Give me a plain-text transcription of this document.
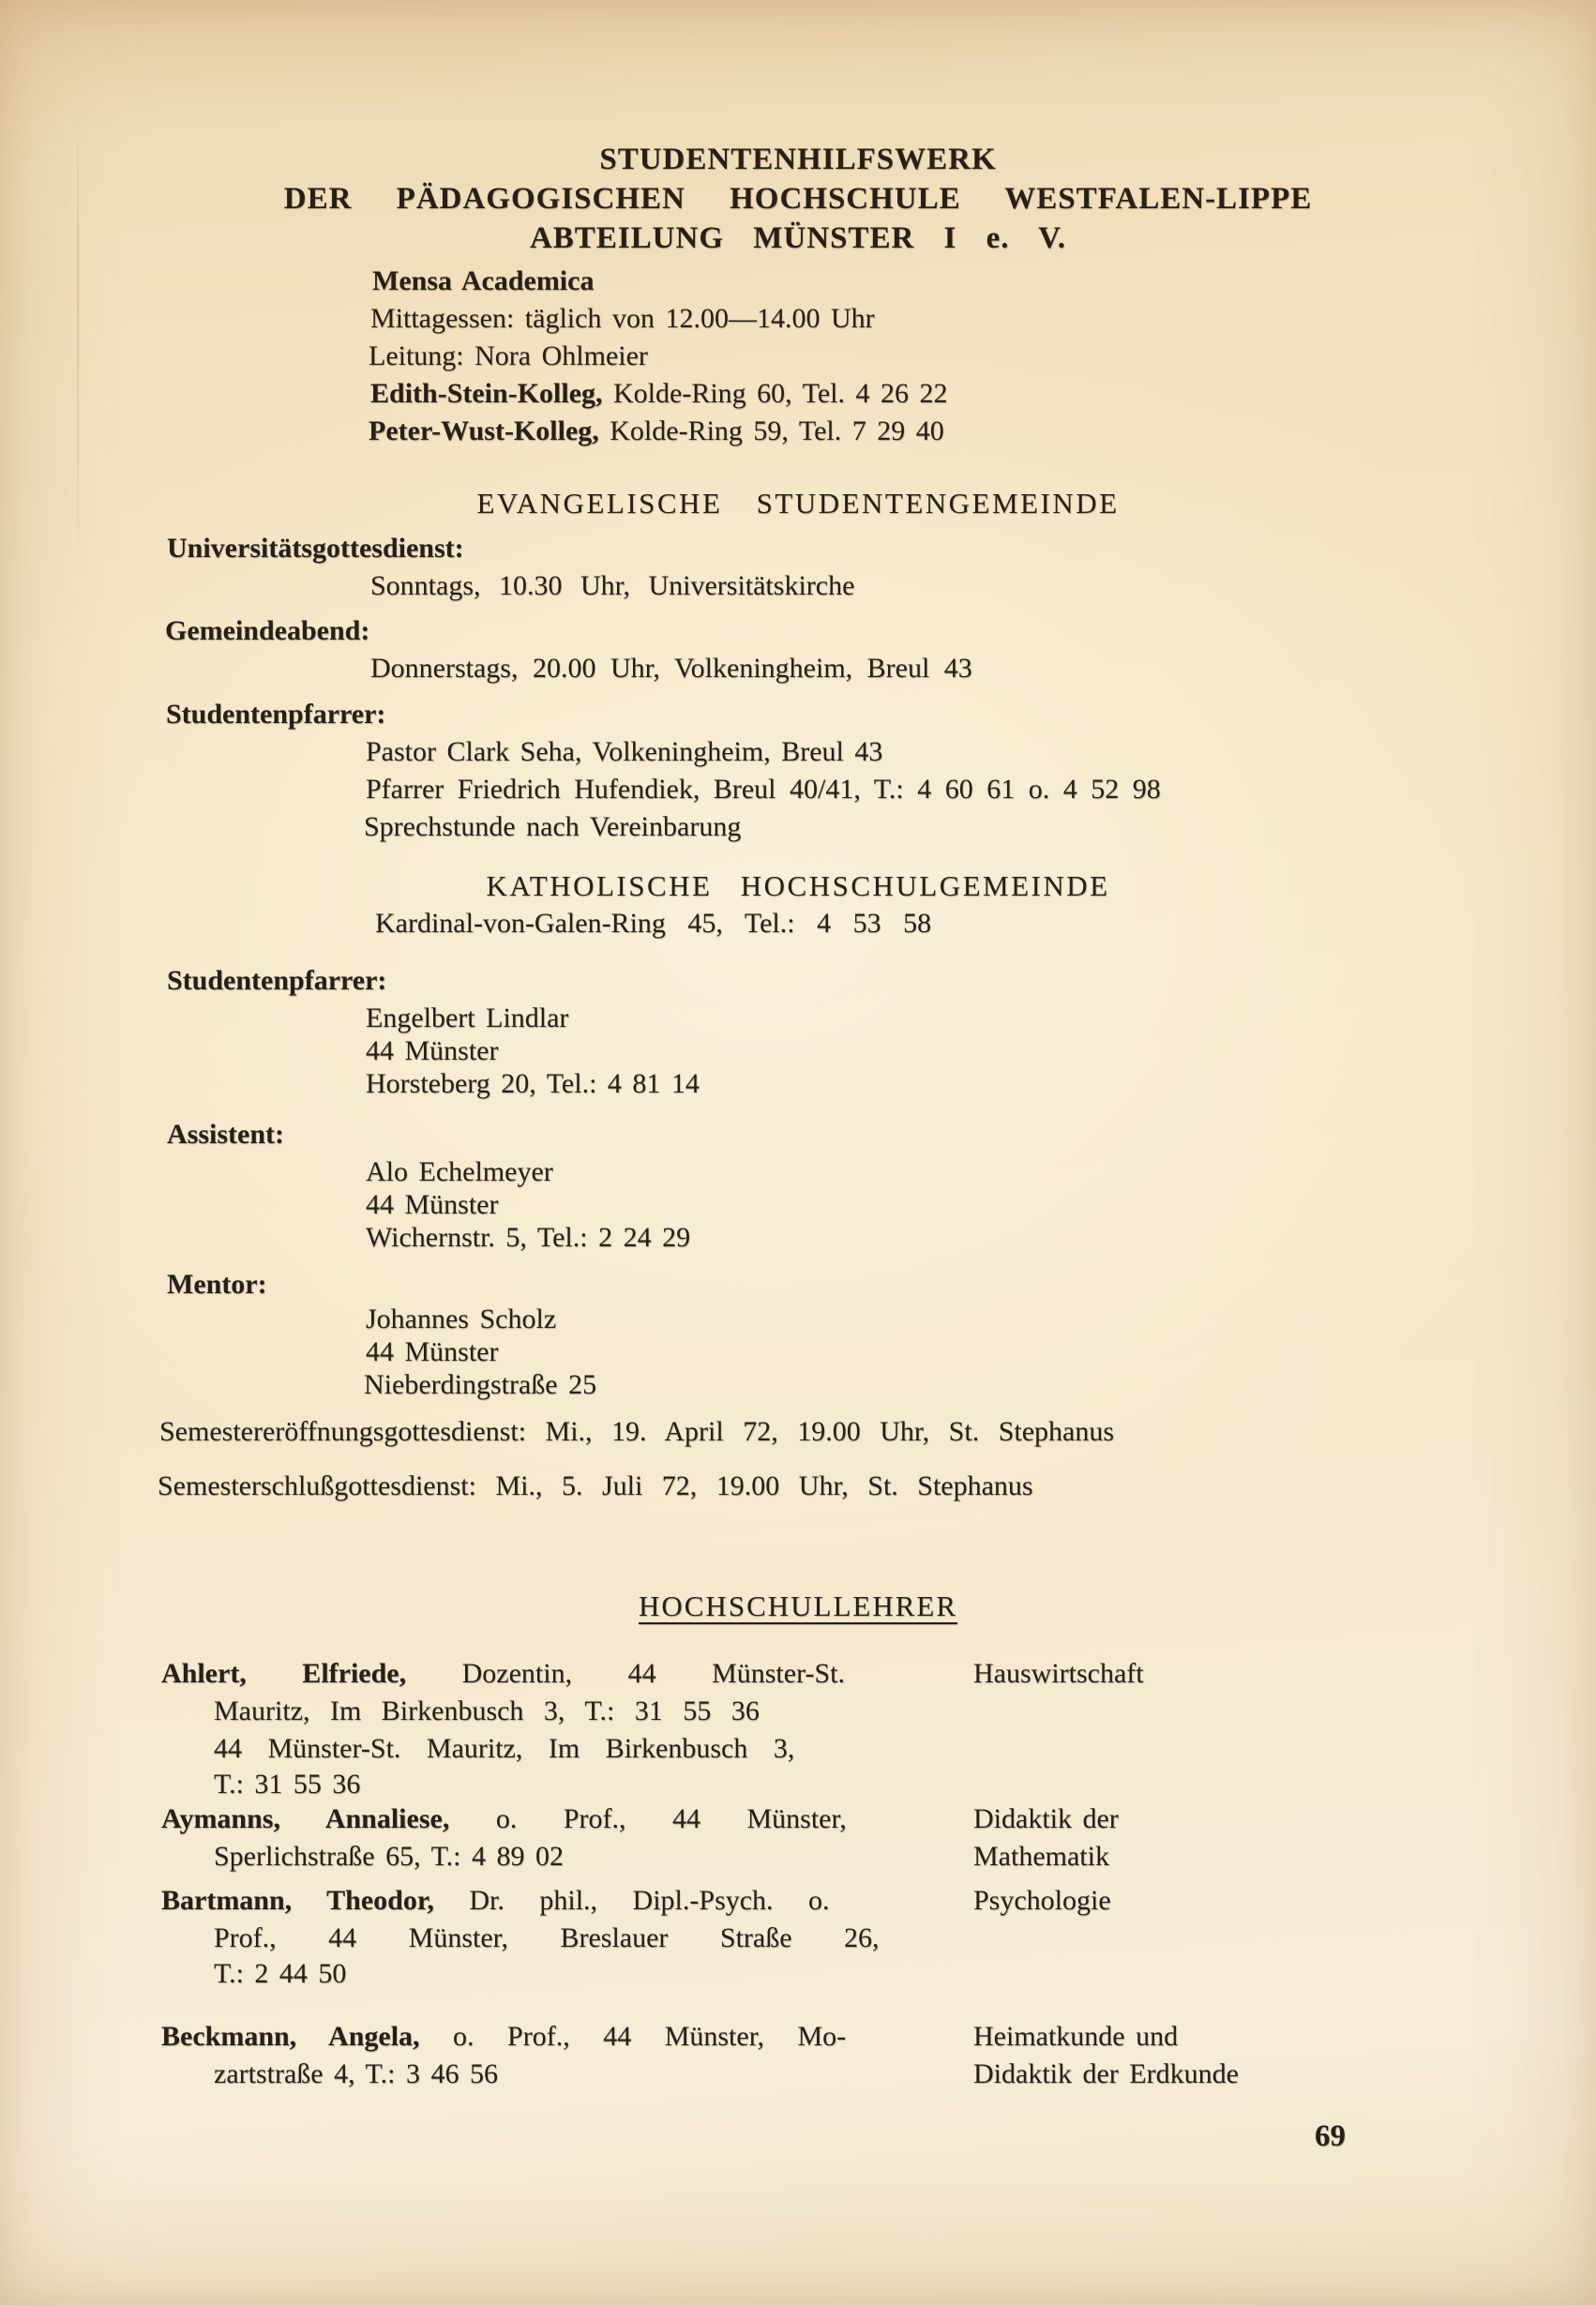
STUDENTENHILFSWERK
DER PÄDAGOGISCHEN HOCHSCHULE WESTFALEN-LIPPE
ABTEILUNG MÜNSTER I e. V.
Mensa Academica
Mittagessen: täglich von 12.00—14.00 Uhr
Leitung: Nora Ohlmeier
Edith-Stein-Kolleg, Kolde-Ring 60, Tel. 4 26 22
Peter-Wust-Kolleg, Kolde-Ring 59, Tel. 7 29 40
EVANGELISCHE STUDENTENGEMEINDE
Universitätsgottesdienst:
Sonntags, 10.30 Uhr, Universitätskirche
Gemeindeabend:
Donnerstags, 20.00 Uhr, Volkeningheim, Breul 43
Studentenpfarrer:
Pastor Clark Seha, Volkeningheim, Breul 43
Pfarrer Friedrich Hufendiek, Breul 40/41, T.: 4 60 61 o. 4 52 98
Sprechstunde nach Vereinbarung
KATHOLISCHE HOCHSCHULGEMEINDE
Kardinal-von-Galen-Ring 45, Tel.: 4 53 58
Studentenpfarrer:
Engelbert Lindlar
44 Münster
Horsteberg 20, Tel.: 4 81 14
Assistent:
Alo Echelmeyer
44 Münster
Wichernstr. 5, Tel.: 2 24 29
Mentor:
Johannes Scholz
44 Münster
Nieberdingstraße 25
Semestereröffnungsgottesdienst: Mi., 19. April 72, 19.00 Uhr, St. Stephanus
Semesterschlußgottesdienst: Mi., 5. Juli 72, 19.00 Uhr, St. Stephanus
HOCHSCHULLEHRER
Ahlert, Elfriede, Dozentin, 44 Münster-St.
Mauritz, Im Birkenbusch 3, T.: 31 55 36
44 Münster-St. Mauritz, Im Birkenbusch 3,
T.: 31 55 36
Hauswirtschaft
Aymanns, Annaliese, o. Prof., 44 Münster,
Sperlichstraße 65, T.: 4 89 02
Didaktik der
Mathematik
Bartmann, Theodor, Dr. phil., Dipl.-Psych. o.
Prof., 44 Münster, Breslauer Straße 26,
T.: 2 44 50
Psychologie
Beckmann, Angela, o. Prof., 44 Münster, Mo-
zartstraße 4, T.: 3 46 56
Heimatkunde und
Didaktik der Erdkunde
69
